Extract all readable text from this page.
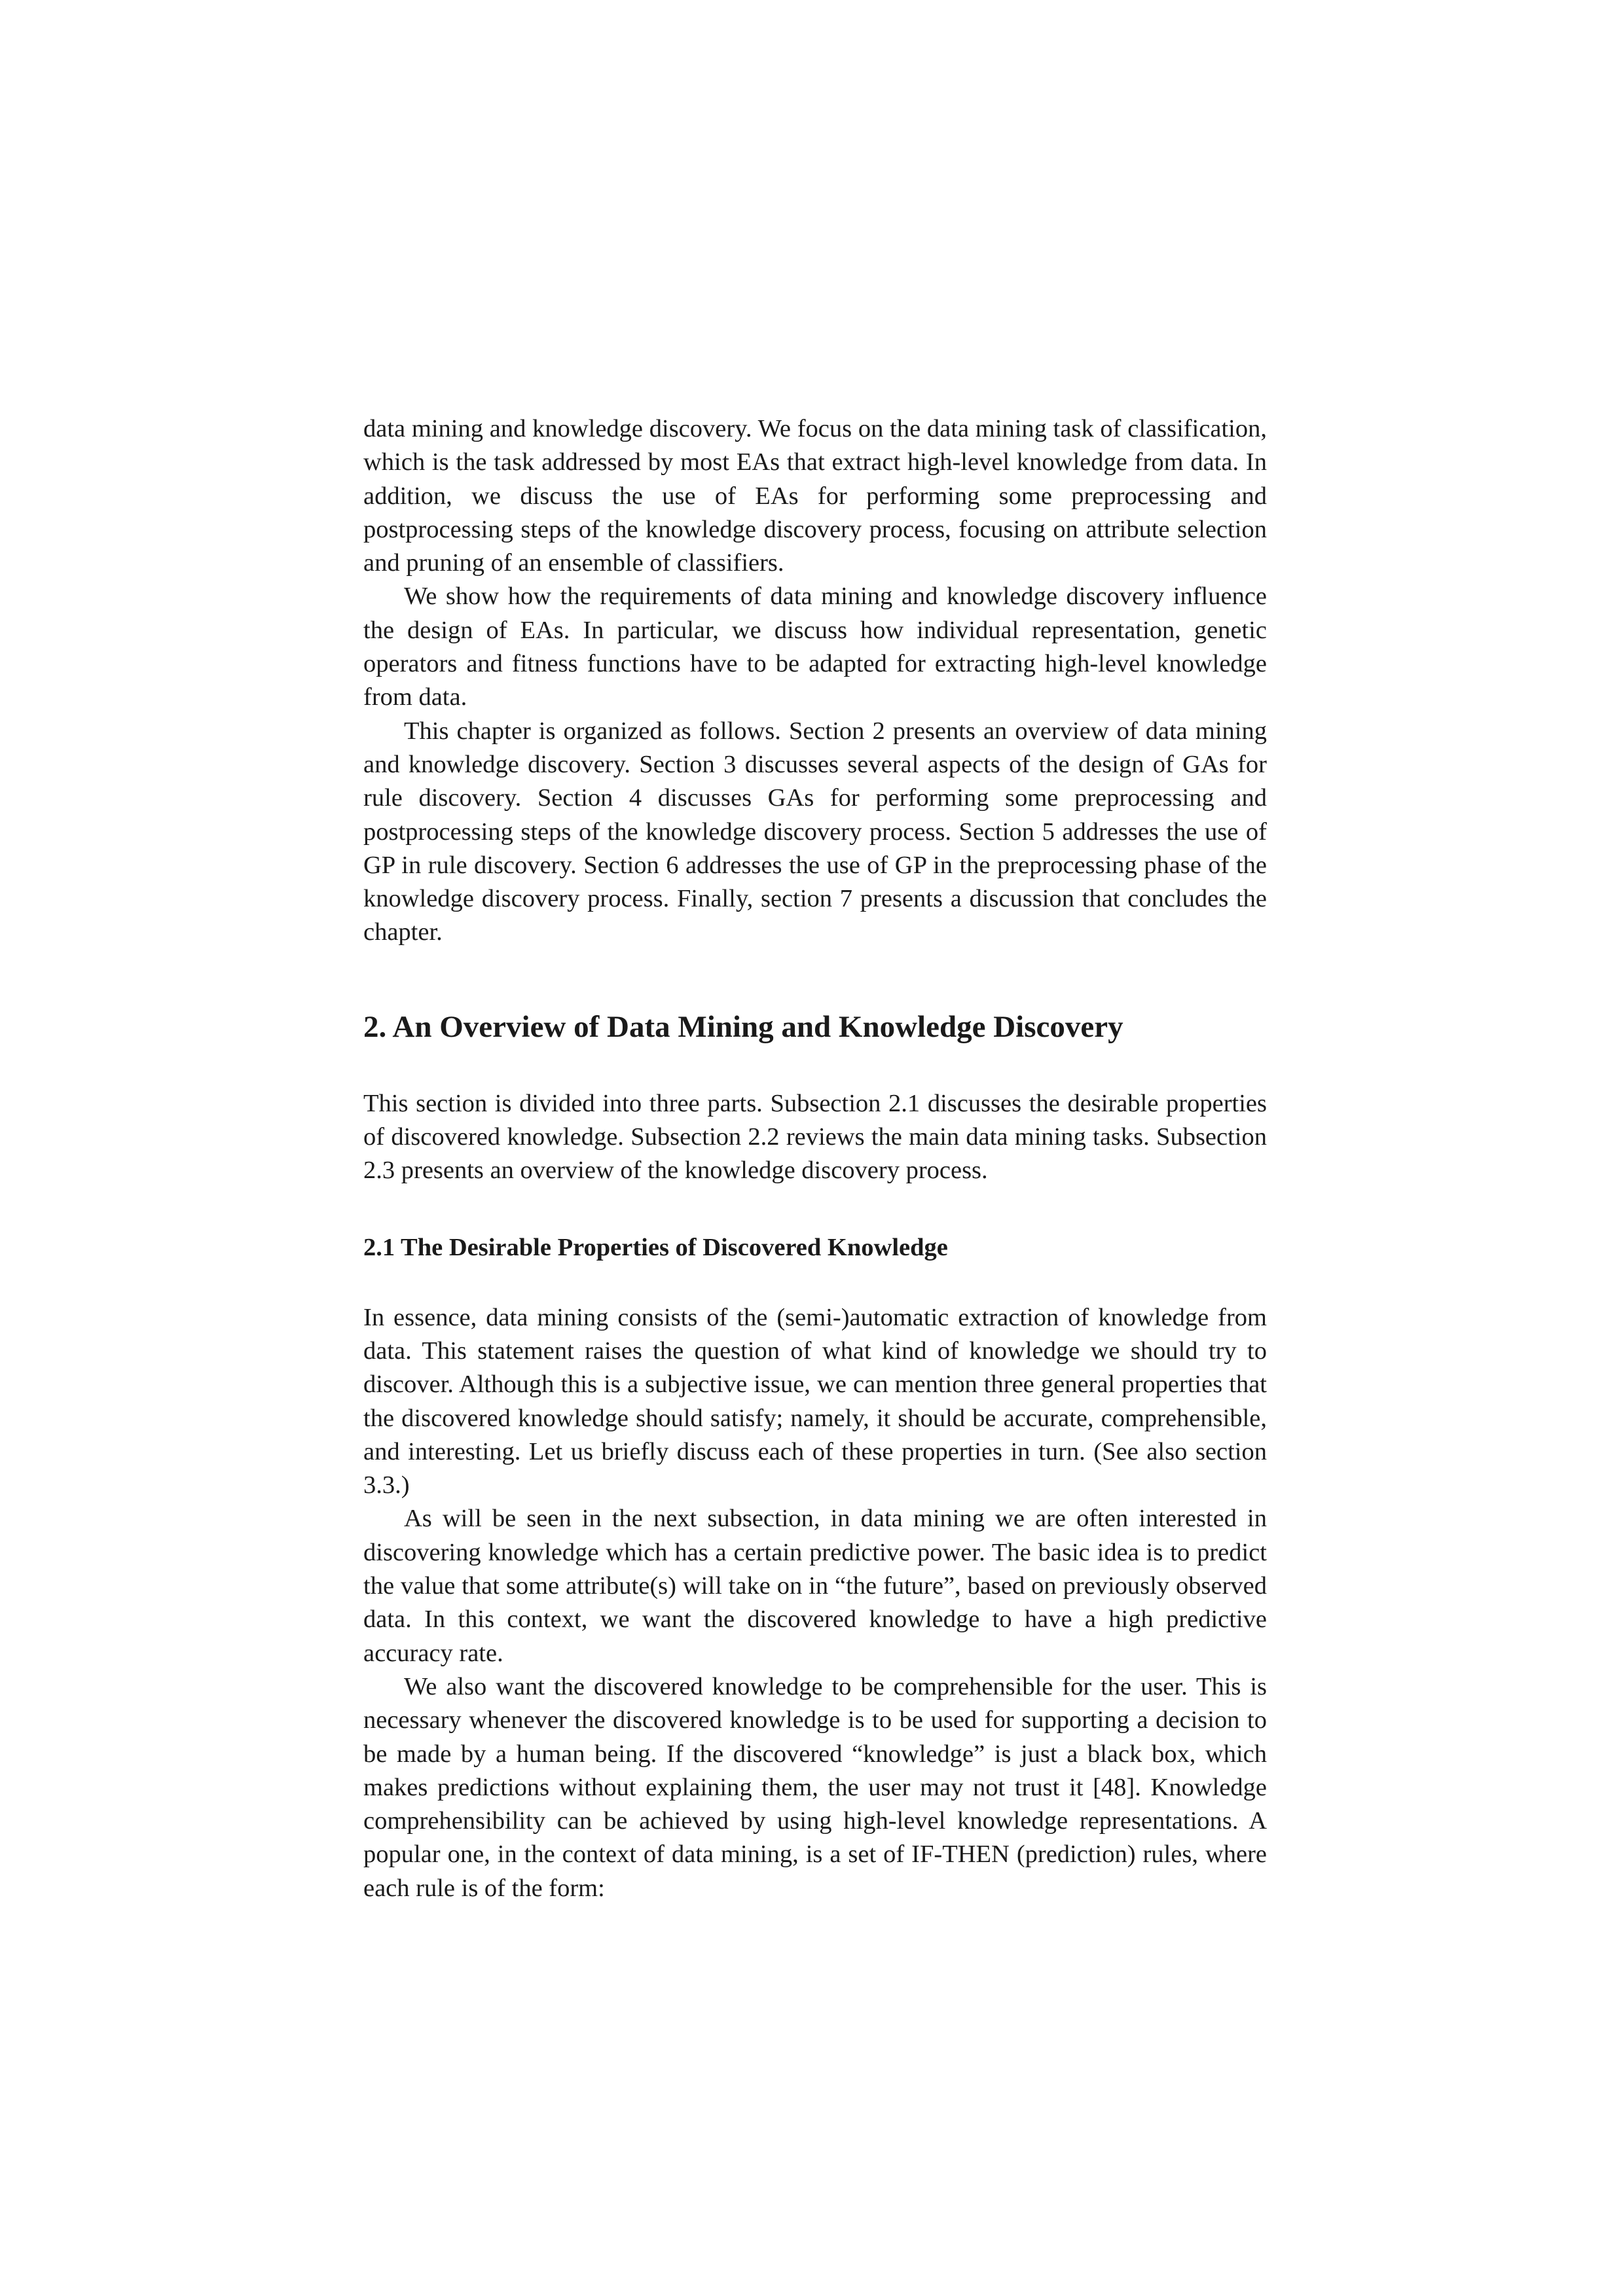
data mining and knowledge discovery. We focus on the data mining task of classification, which is the task addressed by most EAs that extract high-level knowledge from data. In addition, we discuss the use of EAs for performing some preprocessing and postprocessing steps of the knowledge discovery process, focusing on attribute selection and pruning of an ensemble of classifiers.

We show how the requirements of data mining and knowledge discovery influence the design of EAs. In particular, we discuss how individual representation, genetic operators and fitness functions have to be adapted for extracting high-level knowledge from data.

This chapter is organized as follows. Section 2 presents an overview of data mining and knowledge discovery. Section 3 discusses several aspects of the design of GAs for rule discovery. Section 4 discusses GAs for performing some preprocessing and postprocessing steps of the knowledge discovery process. Section 5 addresses the use of GP in rule discovery. Section 6 addresses the use of GP in the preprocessing phase of the knowledge discovery process. Finally, section 7 presents a discussion that concludes the chapter.

2. An Overview of Data Mining and Knowledge Discovery

This section is divided into three parts. Subsection 2.1 discusses the desirable properties of discovered knowledge. Subsection 2.2 reviews the main data mining tasks. Subsection 2.3 presents an overview of the knowledge discovery process.

2.1 The Desirable Properties of Discovered Knowledge

In essence, data mining consists of the (semi-)automatic extraction of knowledge from data. This statement raises the question of what kind of knowledge we should try to discover. Although this is a subjective issue, we can mention three general properties that the discovered knowledge should satisfy; namely, it should be accurate, comprehensible, and interesting. Let us briefly discuss each of these properties in turn. (See also section 3.3.)

As will be seen in the next subsection, in data mining we are often interested in discovering knowledge which has a certain predictive power. The basic idea is to predict the value that some attribute(s) will take on in “the future”, based on previously observed data. In this context, we want the discovered knowledge to have a high predictive accuracy rate.

We also want the discovered knowledge to be comprehensible for the user. This is necessary whenever the discovered knowledge is to be used for supporting a decision to be made by a human being. If the discovered “knowledge” is just a black box, which makes predictions without explaining them, the user may not trust it [48]. Knowledge comprehensibility can be achieved by using high-level knowledge representations. A popular one, in the context of data mining, is a set of IF-THEN (prediction) rules, where each rule is of the form:
